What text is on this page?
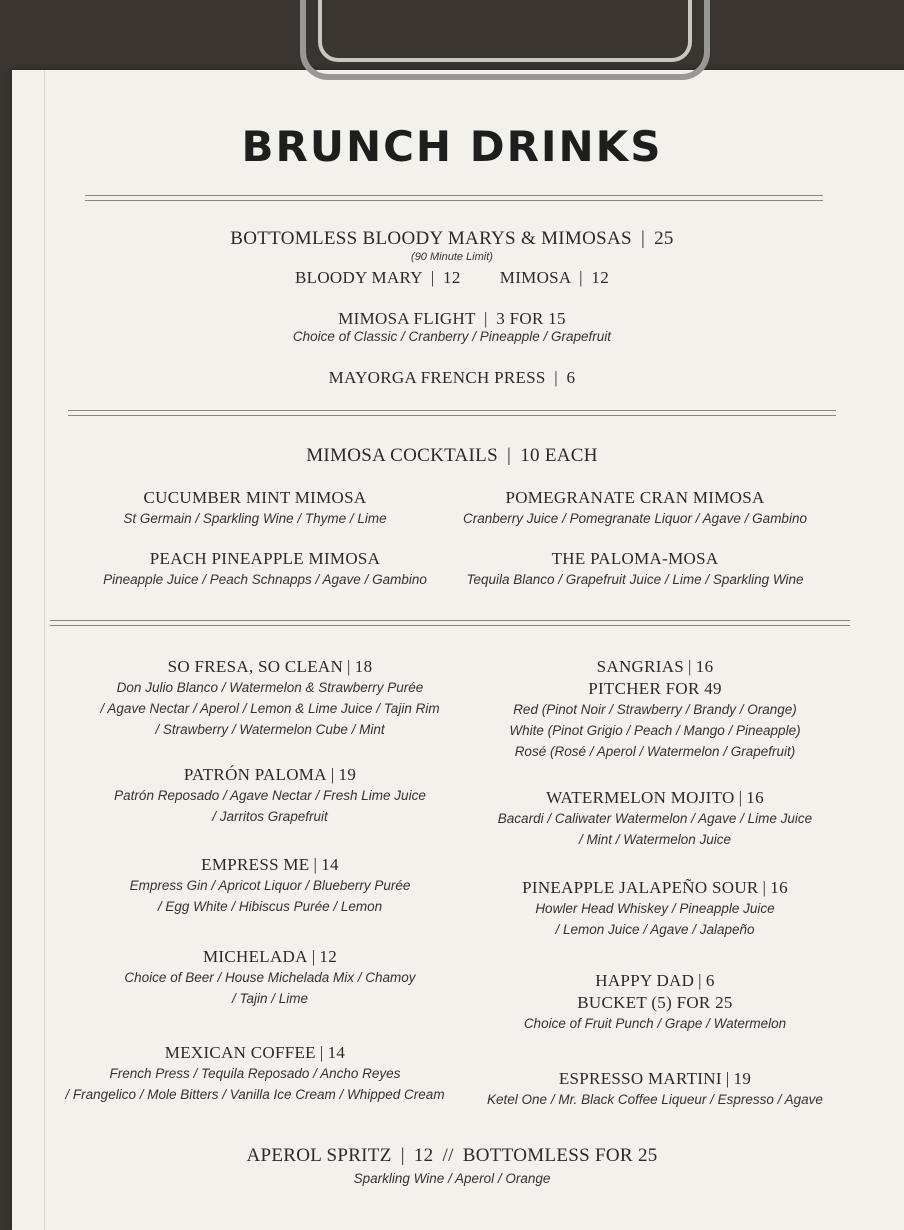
BRUNCH DRINKS
BOTTOMLESS BLOODY MARYS & MIMOSAS | 25
(90 Minute Limit)
BLOODY MARY | 12 MIMOSA | 12
MIMOSA FLIGHT | 3 FOR 15
Choice of Classic / Cranberry / Pineapple / Grapefruit
MAYORGA FRENCH PRESS | 6
MIMOSA COCKTAILS | 10 EACH
CUCUMBER MINT MIMOSA
St Germain / Sparkling Wine / Thyme / Lime
POMEGRANATE CRAN MIMOSA
Cranberry Juice / Pomegranate Liquor / Agave / Gambino
PEACH PINEAPPLE MIMOSA
Pineapple Juice / Peach Schnapps / Agave / Gambino
THE PALOMA-MOSA
Tequila Blanco / Grapefruit Juice / Lime / Sparkling Wine
SO FRESA, SO CLEAN | 18
Don Julio Blanco / Watermelon & Strawberry Purée
/ Agave Nectar / Aperol / Lemon & Lime Juice / Tajin Rim
/ Strawberry / Watermelon Cube / Mint
PATRÓN PALOMA | 19
Patrón Reposado / Agave Nectar / Fresh Lime Juice
/ Jarritos Grapefruit
EMPRESS ME | 14
Empress Gin / Apricot Liquor / Blueberry Purée
/ Egg White / Hibiscus Purée / Lemon
MICHELADA | 12
Choice of Beer / House Michelada Mix / Chamoy
/ Tajin / Lime
MEXICAN COFFEE | 14
French Press / Tequila Reposado / Ancho Reyes
/ Frangelico / Mole Bitters / Vanilla Ice Cream / Whipped Cream
SANGRIAS | 16
PITCHER FOR 49
Red (Pinot Noir / Strawberry / Brandy / Orange)
White (Pinot Grigio / Peach / Mango / Pineapple)
Rosé (Rosé / Aperol / Watermelon / Grapefruit)
WATERMELON MOJITO | 16
Bacardi / Caliwater Watermelon / Agave / Lime Juice
/ Mint / Watermelon Juice
PINEAPPLE JALAPEÑO SOUR | 16
Howler Head Whiskey / Pineapple Juice
/ Lemon Juice / Agave / Jalapeño
HAPPY DAD | 6
BUCKET (5) FOR 25
Choice of Fruit Punch / Grape / Watermelon
ESPRESSO MARTINI | 19
Ketel One / Mr. Black Coffee Liqueur / Espresso / Agave
APEROL SPRITZ | 12 // BOTTOMLESS FOR 25
Sparkling Wine / Aperol / Orange
